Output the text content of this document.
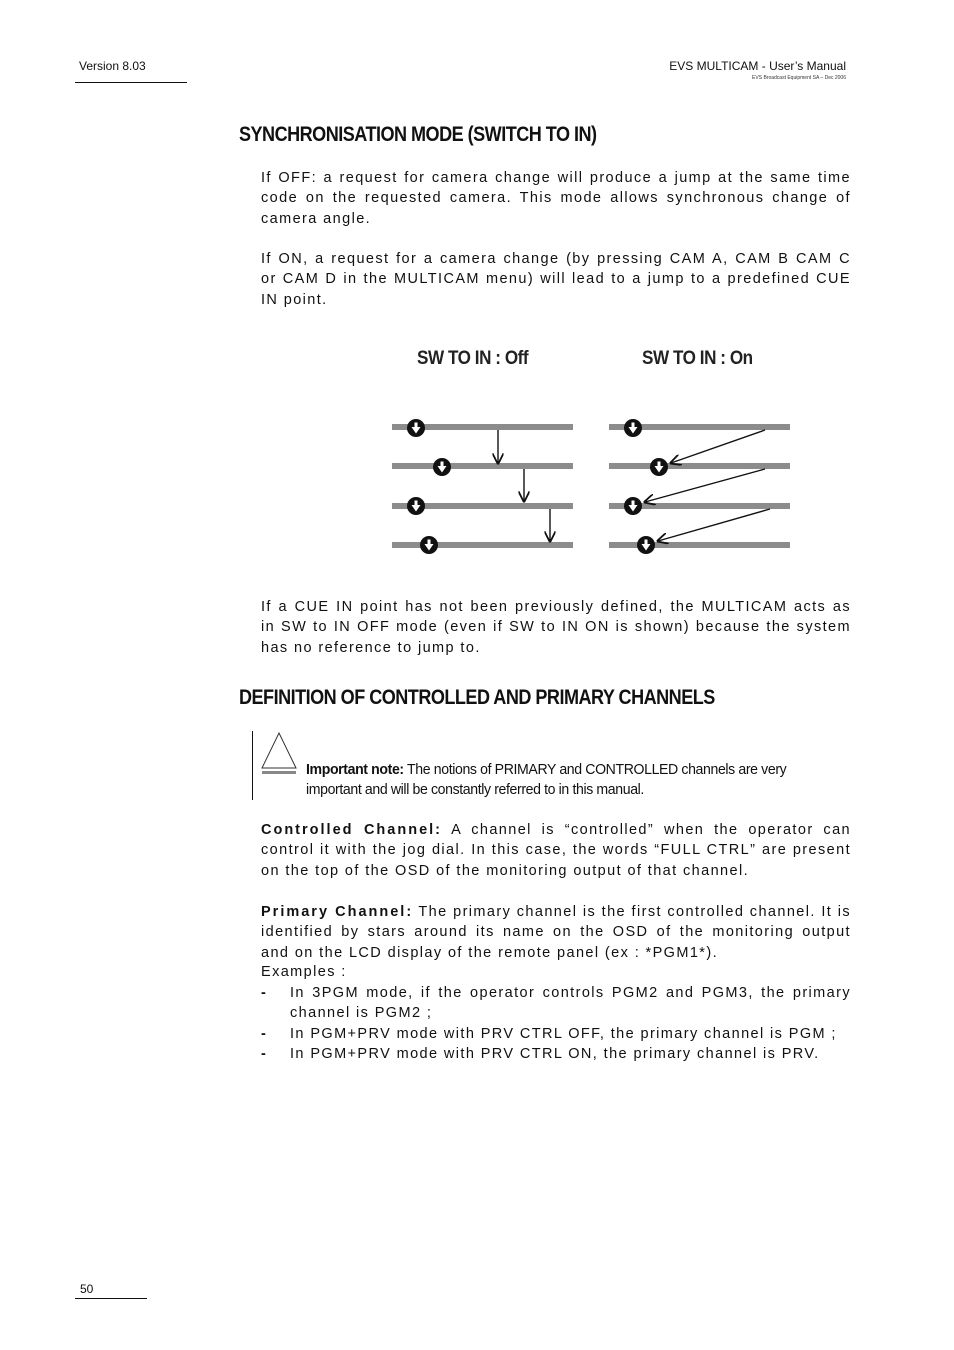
Version 8.03	EVS MULTICAM - User’s Manual
EVS Broadcast Equipment SA – Dec 2006
SYNCHRONISATION MODE (SWITCH TO IN)
If OFF: a request for camera change will produce a jump at the same time code on the requested camera. This mode allows synchronous change of camera angle.
If ON, a request for a camera change (by pressing CAM A, CAM B CAM C or CAM D in the MULTICAM menu) will lead to a jump to a predefined CUE IN point.
SW TO IN : Off	SW TO IN : On
If a CUE IN point has not been previously defined, the MULTICAM acts as in SW to IN OFF mode (even if SW to IN ON is shown) because the system has no reference to jump to.
DEFINITION OF CONTROLLED AND PRIMARY CHANNELS
Important note: The notions of PRIMARY and CONTROLLED channels are very important and will be constantly referred to in this manual.
Controlled Channel: A channel is “controlled” when the operator can control it with the jog dial. In this case, the words “FULL CTRL” are present on the top of the OSD of the monitoring output of that channel.
Primary Channel: The primary channel is the first controlled channel. It is identified by stars around its name on the OSD of the monitoring output and on the LCD display of the remote panel (ex : *PGM1*).
Examples :
- In 3PGM mode, if the operator controls PGM2 and PGM3, the primary channel is PGM2 ;
- In PGM+PRV mode with PRV CTRL OFF, the primary channel is PGM ;
- In PGM+PRV mode with PRV CTRL ON, the primary channel is PRV.
50
